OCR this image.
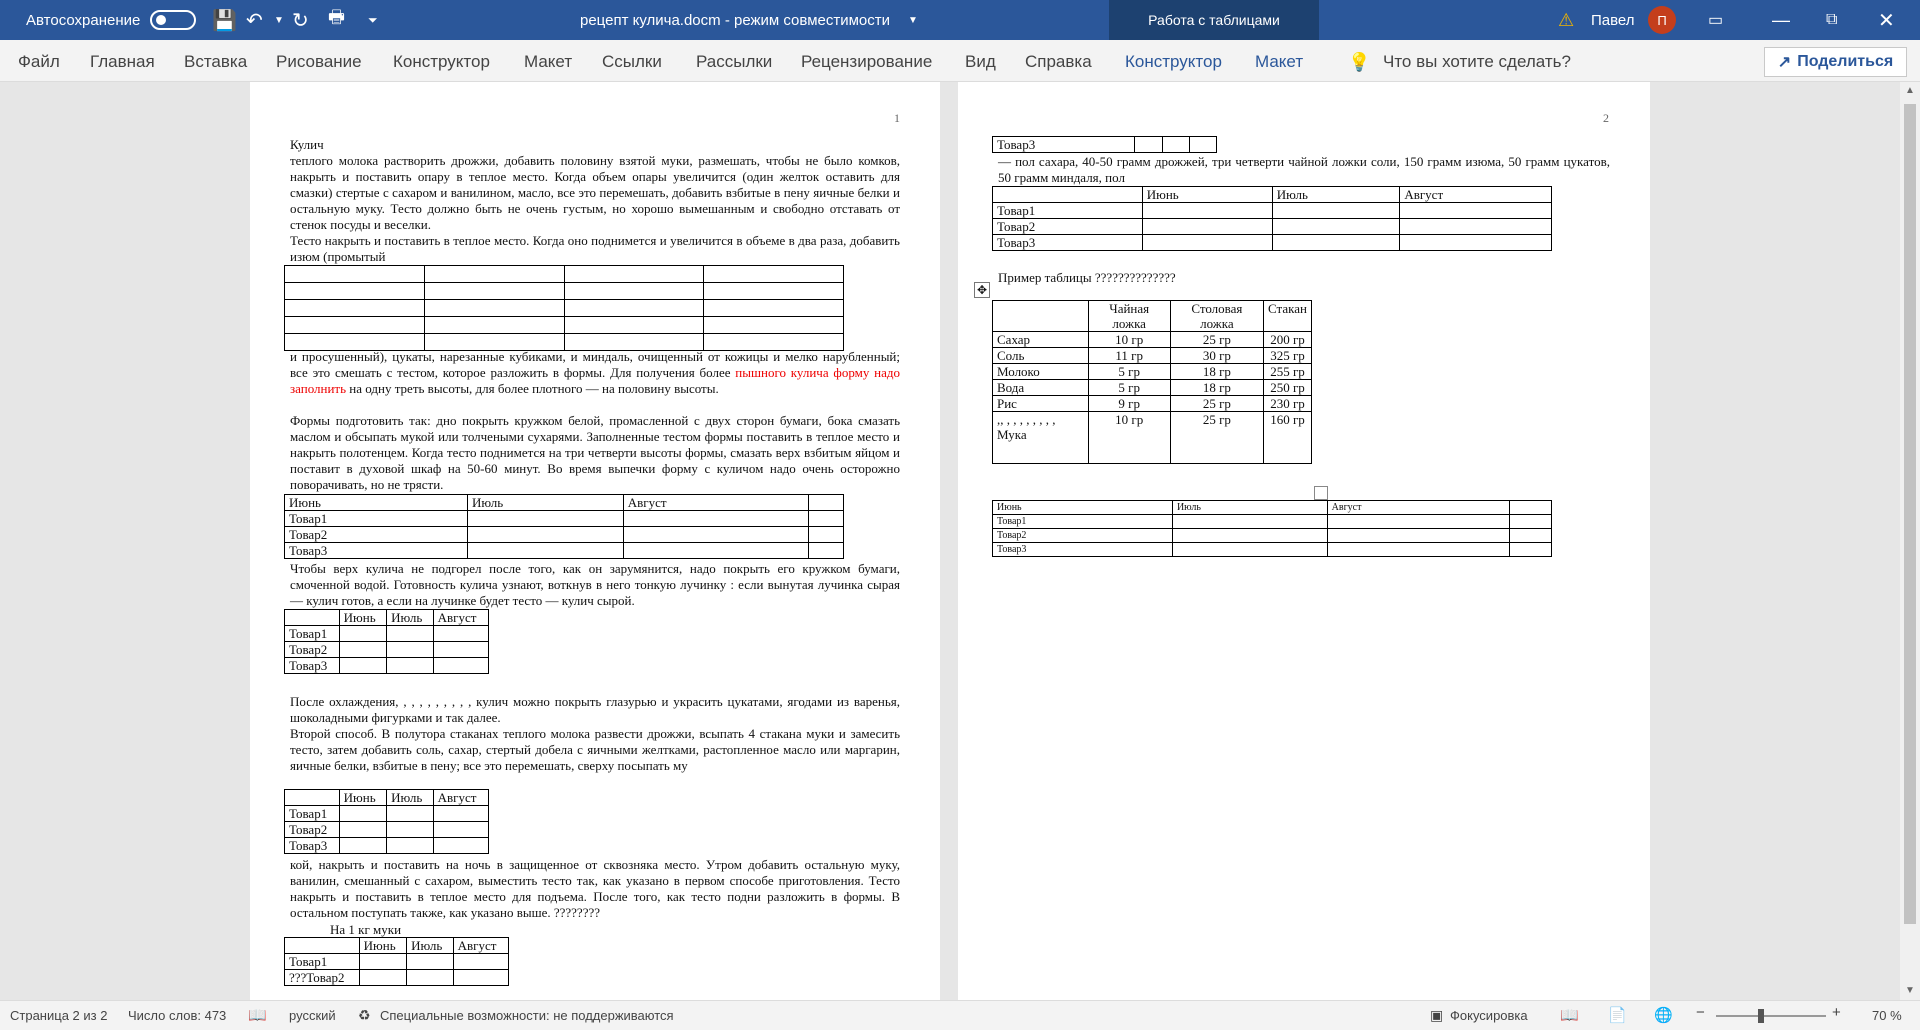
Автосохранение	💾 ↶ ▼ ↻ 🖶 ⏷	рецепт кулича.docm - режим совместимости ▼	Работа с таблицами	⚠ Павел	П	▭	— ⧉ ✕
Файл Главная Вставка Рисование Конструктор Макет Ссылки Рассылки Рецензирование Вид Справка Конструктор Макет 💡 Что вы хотите сделать?	↗ Поделиться
1
Кулич
теплого молока растворить дрожжи, добавить половину взятой муки, размешать, чтобы не было комков, накрыть и поставить опару в теплое место. Когда объем опары увеличится (один желток оставить для смазки) стертые с сахаром и ванилином, масло, все это перемешать, добавить взбитые в пену яичные белки и остальную муку. Тесто должно быть не очень густым, но хорошо вымешанным и свободно отставать от стенок посуды и веселки.
Тесто накрыть и поставить в теплое место. Когда оно поднимется и увеличится в объеме в два раза, добавить изюм (промытый

и просушенный), цукаты, нарезанные кубиками, и миндаль, очищенный от кожицы и мелко нарубленный; все это смешать с тестом, которое разложить в формы. Для получения более пышного кулича форму надо заполнить на одну треть высоты, для более плотного — на половину высоты.
Формы подготовить так: дно покрыть кружком белой, промасленной с двух сторон бумаги, бока смазать маслом и обсыпать мукой или толчеными сухарями. Заполненные тестом формы поставить в теплое место и накрыть полотенцем. Когда тесто поднимется на три четверти высоты формы, смазать верх взбитым яйцом и поставит в духовой шкаф на 50-60 минут. Во время выпечки форму с куличом надо очень осторожно поворачивать, но не трясти.
Июнь	Июль	Август	
Товар1			
Товар2			
Товар3			
Чтобы верх кулича не подгорел после того, как он зарумянится, надо покрыть его кружком бумаги, смоченной водой. Готовность кулича узнают, воткнув в него тонкую лучинку : если вынутая лучинка сырая — кулич готов, а если на лучинке будет тесто — кулич сырой.
	Июнь	Июль	Август
Товар1			
Товар2			
Товар3			
После охлаждения, , , , , , , , , , кулич можно покрыть глазурью и украсить цукатами, ягодами из варенья, шоколадными фигурками и так далее.
Второй способ. В полутора стаканах теплого молока развести дрожжи, всыпать 4 стакана муки и замесить тесто, затем добавить соль, сахар, стертый добела с яичными желтками, растопленное масло или маргарин, яичные белки, взбитые в пену; все это перемешать, сверху посыпать му
	Июнь	Июль	Август
Товар1			
Товар2			
Товар3			
кой, накрыть и поставить на ночь в защищенное от сквозняка место. Утром добавить остальную муку, ванилин, смешанный с сахаром, выместить тесто так, как указано в первом способе приготовления. Тесто накрыть и поставить в теплое место для подъема. После того, как тесто подни разложить в формы. В остальном поступать также, как указано выше. ????????
На 1 кг муки
	Июнь	Июль	Август
Товар1			
???Товар2			
2
Товар3			
— пол сахара, 40-50 грамм дрожжей, три четверти чайной ложки соли, 150 грамм изюма, 50 грамм цукатов, 50 грамм миндаля, пол
	Июнь	Июль	Август
Товар1			
Товар2			
Товар3			
✥
Пример таблицы ??????????????
	Чайная ложка	Столовая ложка	Стакан
Сахар	10 гр	25 гр	200 гр
Соль	11 гр	30 гр	325 гр
Молоко	5 гр	18 гр	255 гр
Вода	5 гр	18 гр	250 гр
Рис	9 гр	25 гр	230 гр
,, , , , , , , , , Мука	10 гр	25 гр	160 гр
Июнь	Июль	Август	
Товар1			
Товар2			
Товар3			
▲
▼
Страница 2 из 2 Число слов: 473 📖 русский ♻ Специальные возможности: не поддерживаются	▣ Фокусировка 📖 📄 🌐 −	+ 70 %
